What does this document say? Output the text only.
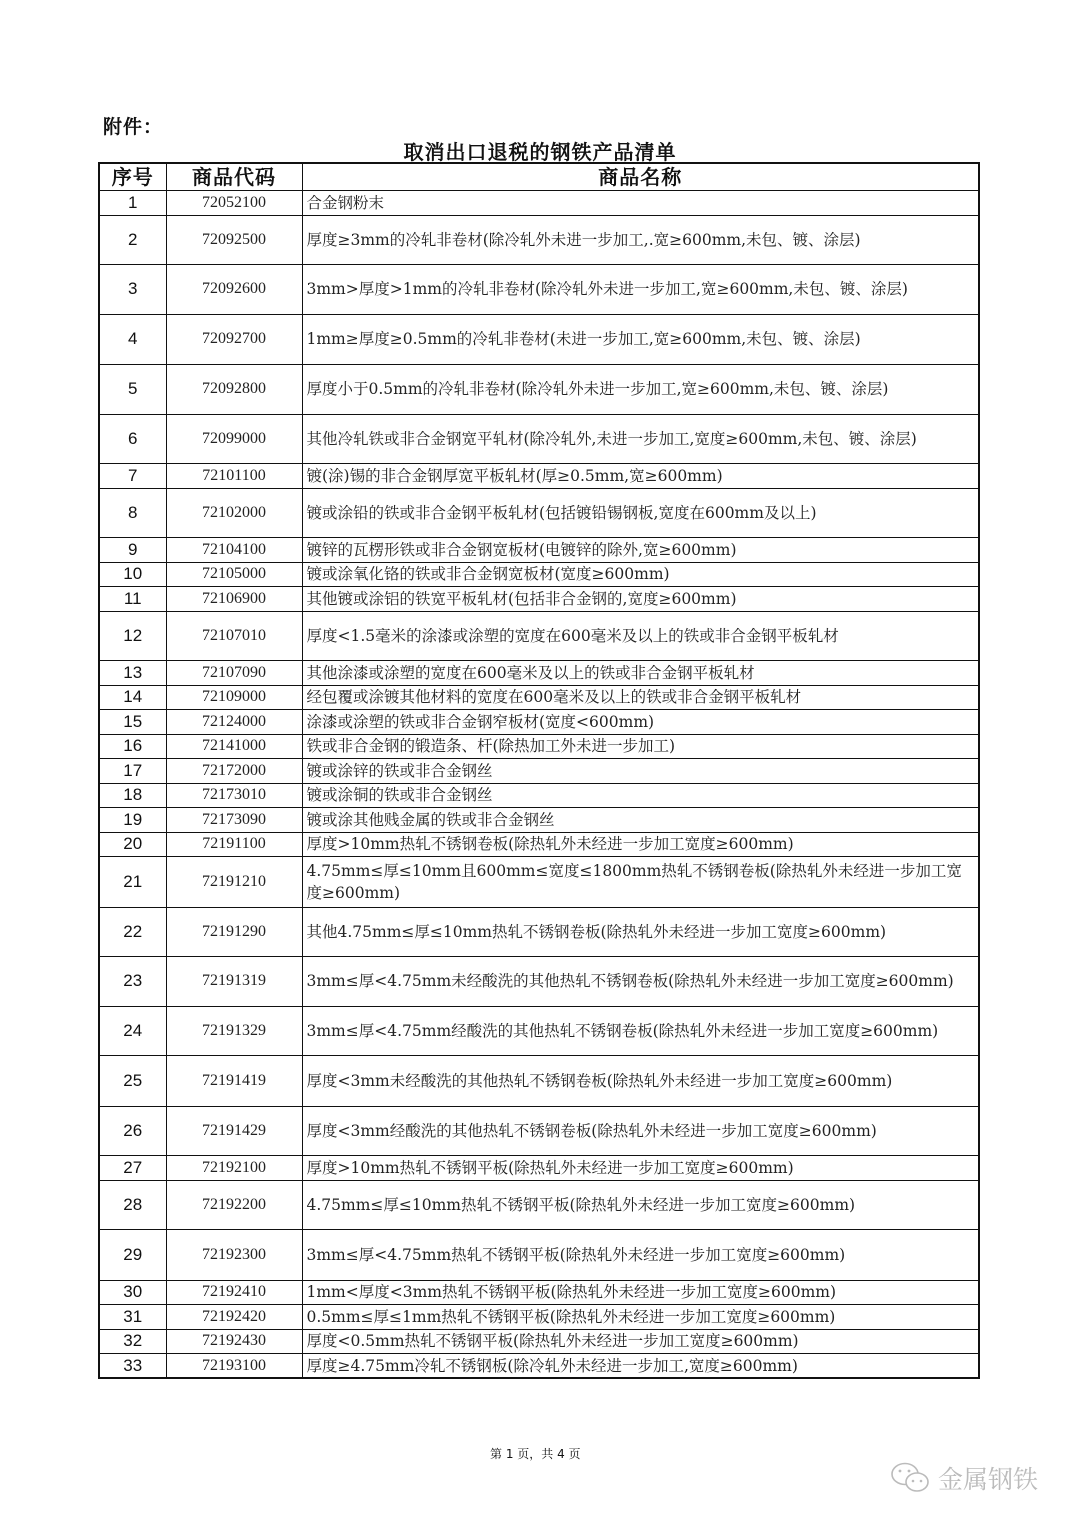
附件：
取消出口退税的钢铁产品清单
序号	商品代码	商品名称
1	72052100	合金钢粉末
2	72092500	厚度≥3mm的冷轧非卷材(除冷轧外未进一步加工,.宽≥600mm,未包、镀、涂层)
3	72092600	3mm>厚度>1mm的冷轧非卷材(除冷轧外未进一步加工,宽≥600mm,未包、镀、涂层)
4	72092700	1mm≥厚度≥0.5mm的冷轧非卷材(未进一步加工,宽≥600mm,未包、镀、涂层)
5	72092800	厚度小于0.5mm的冷轧非卷材(除冷轧外未进一步加工,宽≥600mm,未包、镀、涂层)
6	72099000	其他冷轧铁或非合金钢宽平轧材(除冷轧外,未进一步加工,宽度≥600mm,未包、镀、涂层)
7	72101100	镀(涂)锡的非合金钢厚宽平板轧材(厚≥0.5mm,宽≥600mm)
8	72102000	镀或涂铅的铁或非合金钢平板轧材(包括镀铅锡钢板,宽度在600mm及以上)
9	72104100	镀锌的瓦楞形铁或非合金钢宽板材(电镀锌的除外,宽≥600mm)
10	72105000	镀或涂氧化铬的铁或非合金钢宽板材(宽度≥600mm)
11	72106900	其他镀或涂铝的铁宽平板轧材(包括非合金钢的,宽度≥600mm)
12	72107010	厚度<1.5毫米的涂漆或涂塑的宽度在600毫米及以上的铁或非合金钢平板轧材
13	72107090	其他涂漆或涂塑的宽度在600毫米及以上的铁或非合金钢平板轧材
14	72109000	经包覆或涂镀其他材料的宽度在600毫米及以上的铁或非合金钢平板轧材
15	72124000	涂漆或涂塑的铁或非合金钢窄板材(宽度<600mm)
16	72141000	铁或非合金钢的锻造条、杆(除热加工外未进一步加工)
17	72172000	镀或涂锌的铁或非合金钢丝
18	72173010	镀或涂铜的铁或非合金钢丝
19	72173090	镀或涂其他贱金属的铁或非合金钢丝
20	72191100	厚度>10mm热轧不锈钢卷板(除热轧外未经进一步加工宽度≥600mm)
21	72191210	4.75mm≤厚≤10mm且600mm≤宽度≤1800mm热轧不锈钢卷板(除热轧外未经进一步加工宽度≥600mm)
22	72191290	其他4.75mm≤厚≤10mm热轧不锈钢卷板(除热轧外未经进一步加工宽度≥600mm)
23	72191319	3mm≤厚<4.75mm未经酸洗的其他热轧不锈钢卷板(除热轧外未经进一步加工宽度≥600mm)
24	72191329	3mm≤厚<4.75mm经酸洗的其他热轧不锈钢卷板(除热轧外未经进一步加工宽度≥600mm)
25	72191419	厚度<3mm未经酸洗的其他热轧不锈钢卷板(除热轧外未经进一步加工宽度≥600mm)
26	72191429	厚度<3mm经酸洗的其他热轧不锈钢卷板(除热轧外未经进一步加工宽度≥600mm)
27	72192100	厚度>10mm热轧不锈钢平板(除热轧外未经进一步加工宽度≥600mm)
28	72192200	4.75mm≤厚≤10mm热轧不锈钢平板(除热轧外未经进一步加工宽度≥600mm)
29	72192300	3mm≤厚<4.75mm热轧不锈钢平板(除热轧外未经进一步加工宽度≥600mm)
30	72192410	1mm<厚度<3mm热轧不锈钢平板(除热轧外未经进一步加工宽度≥600mm)
31	72192420	0.5mm≤厚≤1mm热轧不锈钢平板(除热轧外未经进一步加工宽度≥600mm)
32	72192430	厚度<0.5mm热轧不锈钢平板(除热轧外未经进一步加工宽度≥600mm)
33	72193100	厚度≥4.75mm冷轧不锈钢板(除冷轧外未经进一步加工,宽度≥600mm)
第 1 页，共 4 页
金属钢铁
